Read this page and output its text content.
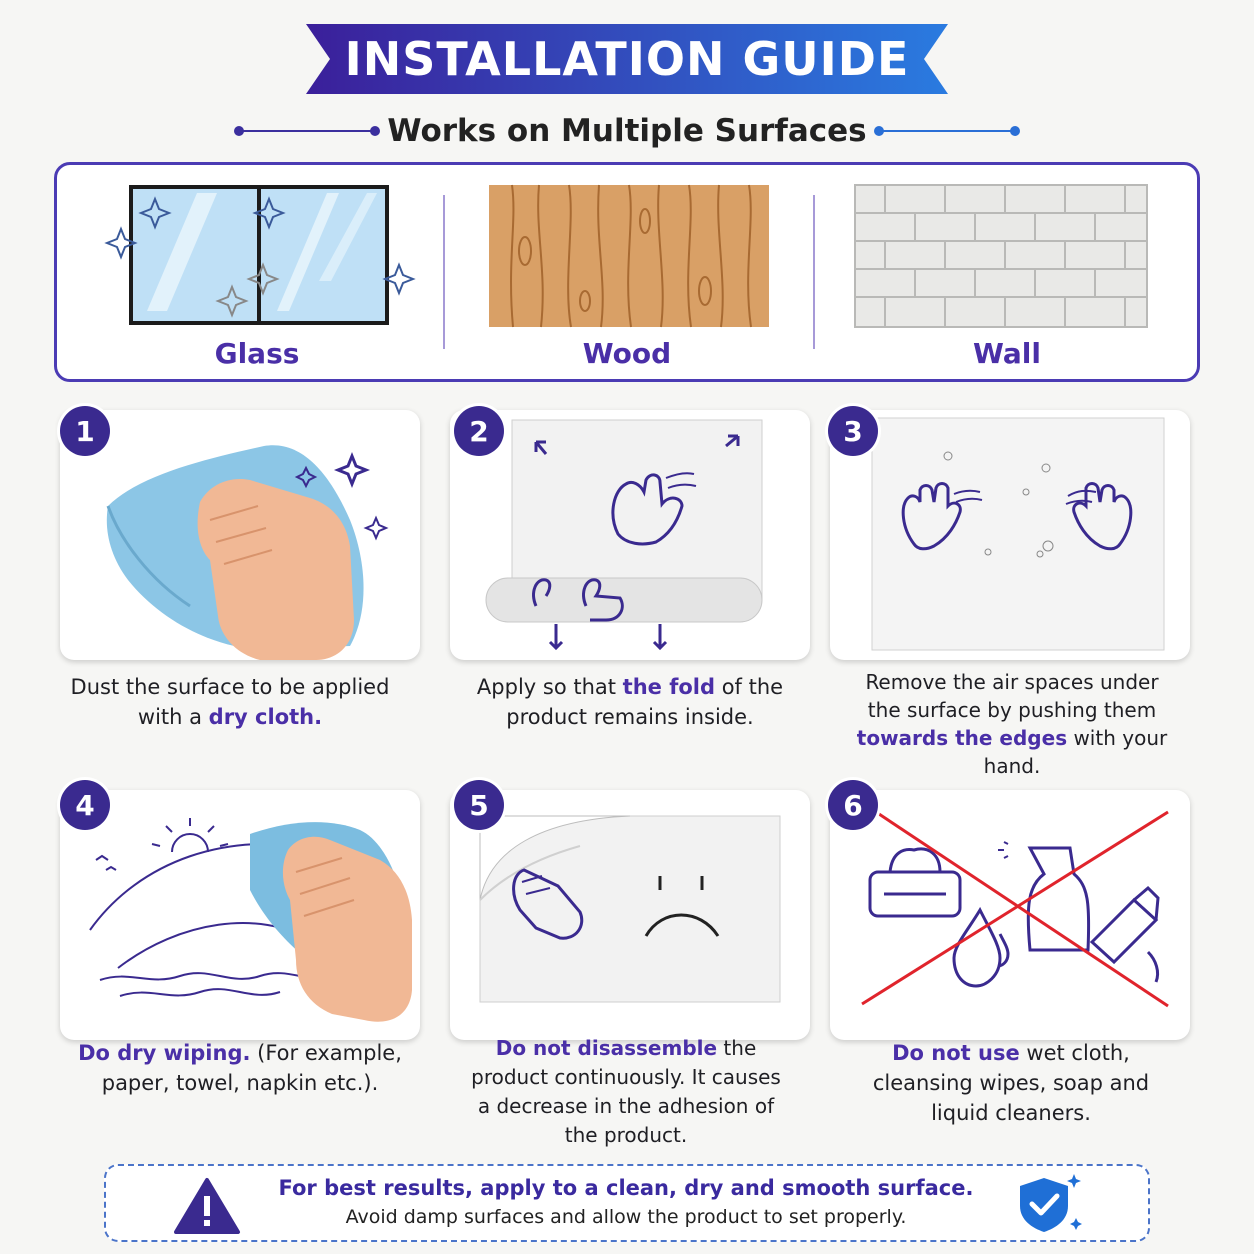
INSTALLATION GUIDE
Works on Multiple Surfaces
Glass	Wood	Wall
1
Dust the surface to be applied with a dry cloth.
2
Apply so that the fold of the product remains inside.
3
Remove the air spaces under the surface by pushing them towards the edges with your hand.
4
Do dry wiping. (For example, paper, towel, napkin etc.).
5
Do not disassemble the product continuously. It causes a decrease in the adhesion of the product.
6
Do not use wet cloth, cleansing wipes, soap and liquid cleaners.
For best results, apply to a clean, dry and smooth surface.
Avoid damp surfaces and allow the product to set properly.
